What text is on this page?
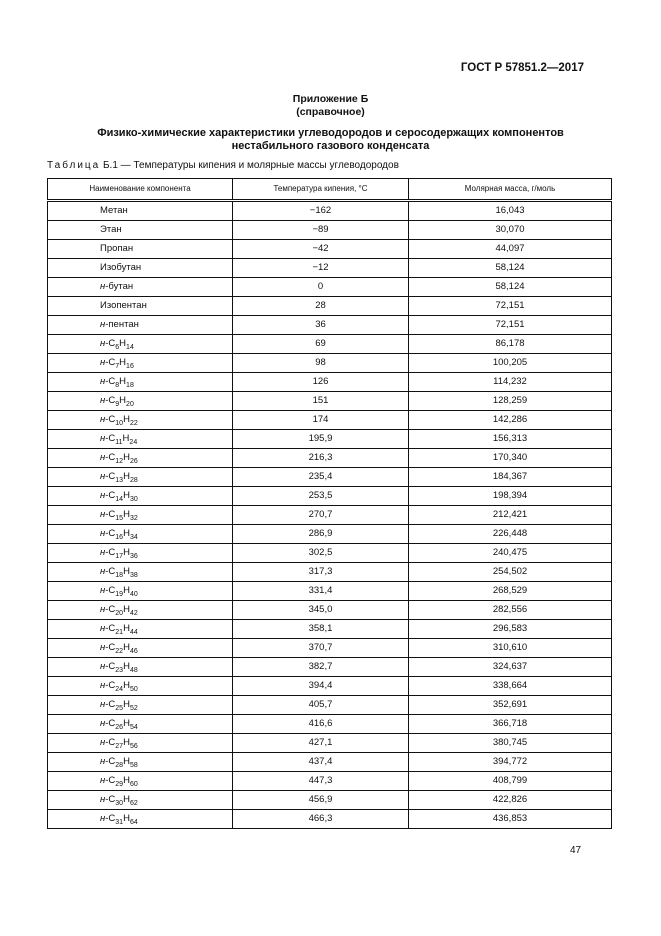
ГОСТ Р 57851.2—2017
Приложение Б
(справочное)
Физико-химические характеристики углеводородов и серосодержащих компонентов
нестабильного газового конденсата
Таблица Б.1 — Температуры кипения и молярные массы углеводородов
Наименование компонента	Температура кипения, °С	Молярная масса, г/моль
Метан	−162	16,043
Этан	−89	30,070
Пропан	−42	44,097
Изобутан	−12	58,124
н-бутан	0	58,124
Изопентан	28	72,151
н-пентан	36	72,151
$н-C_6H_{14}$	69	86,178
$н-C_7H_{16}$	98	100,205
$н-C_8H_{18}$	126	114,232
$н-C_9H_{20}$	151	128,259
$н-C_{10}H_{22}$	174	142,286
$н-C_{11}H_{24}$	195,9	156,313
$н-C_{12}H_{26}$	216,3	170,340
$н-C_{13}H_{28}$	235,4	184,367
$н-C_{14}H_{30}$	253,5	198,394
$н-C_{15}H_{32}$	270,7	212,421
$н-C_{16}H_{34}$	286,9	226,448
$н-C_{17}H_{36}$	302,5	240,475
$н-C_{18}H_{38}$	317,3	254,502
$н-C_{19}H_{40}$	331,4	268,529
$н-C_{20}H_{42}$	345,0	282,556
$н-C_{21}H_{44}$	358,1	296,583
$н-C_{22}H_{46}$	370,7	310,610
$н-C_{23}H_{48}$	382,7	324,637
$н-C_{24}H_{50}$	394,4	338,664
$н-C_{25}H_{52}$	405,7	352,691
$н-C_{26}H_{54}$	416,6	366,718
$н-C_{27}H_{56}$	427,1	380,745
$н-C_{28}H_{58}$	437,4	394,772
$н-C_{29}H_{60}$	447,3	408,799
$н-C_{30}H_{62}$	456,9	422,826
$н-C_{31}H_{64}$	466,3	436,853
47
